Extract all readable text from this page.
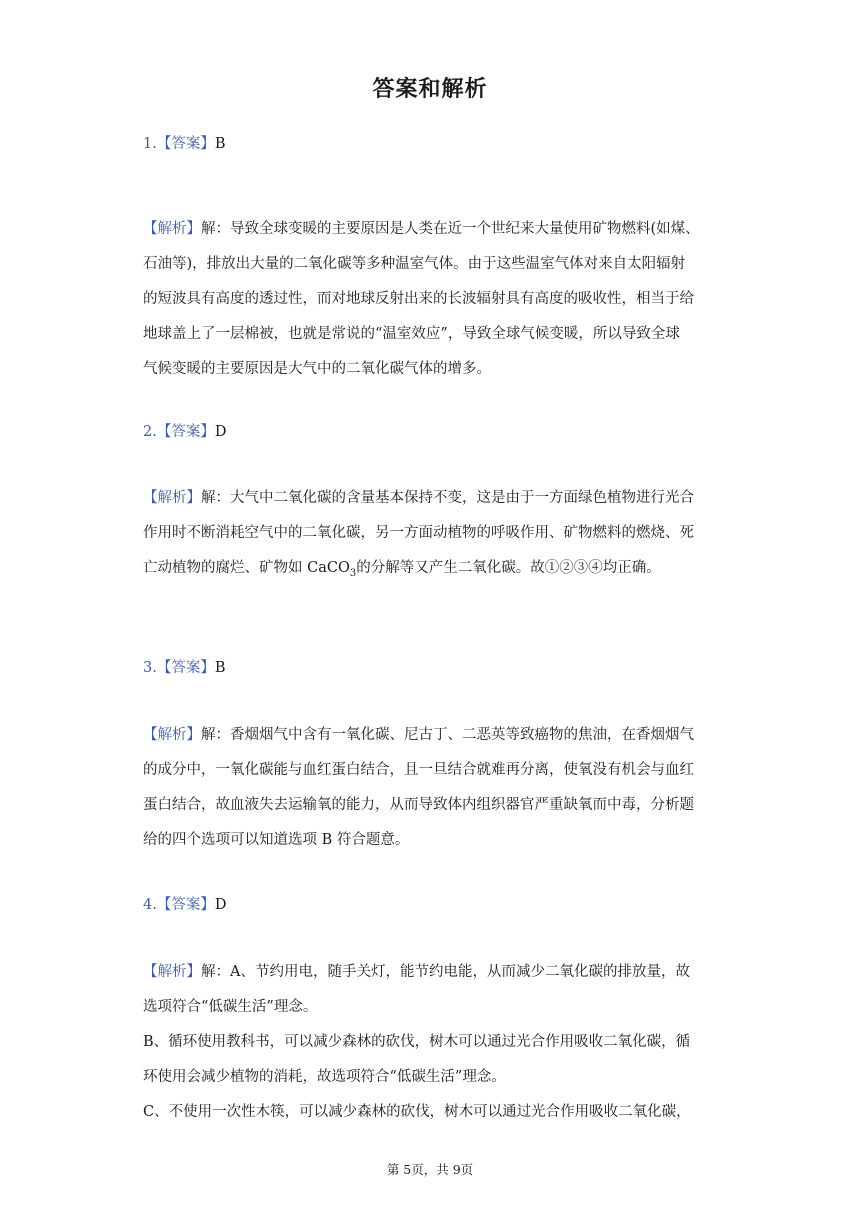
答案和解析
1.【答案】B
【解析】解：导致全球变暖的主要原因是人类在近一个世纪来大量使用矿物燃料(如煤、
石油等)，排放出大量的二氧化碳等多种温室气体。由于这些温室气体对来自太阳辐射
的短波具有高度的透过性，而对地球反射出来的长波辐射具有高度的吸收性，相当于给
地球盖上了一层棉被，也就是常说的“温室效应”，导致全球气候变暖，所以导致全球
气候变暖的主要原因是大气中的二氧化碳气体的增多。
2.【答案】D
【解析】解：大气中二氧化碳的含量基本保持不变，这是由于一方面绿色植物进行光合
作用时不断消耗空气中的二氧化碳，另一方面动植物的呼吸作用、矿物燃料的燃烧、死
亡动植物的腐烂、矿物如 CaCO$_3$的分解等又产生二氧化碳。故①②③④均正确。
3.【答案】B
【解析】解：香烟烟气中含有一氧化碳、尼古丁、二恶英等致癌物的焦油，在香烟烟气
的成分中，一氧化碳能与血红蛋白结合，且一旦结合就难再分离，使氧没有机会与血红
蛋白结合，故血液失去运输氧的能力，从而导致体内组织器官严重缺氧而中毒，分析题
给的四个选项可以知道选项 B 符合题意。
4.【答案】D
【解析】解：A、节约用电，随手关灯，能节约电能，从而减少二氧化碳的排放量，故
选项符合“低碳生活”理念。
B、循环使用教科书，可以减少森林的砍伐，树木可以通过光合作用吸收二氧化碳，循
环使用会减少植物的消耗，故选项符合“低碳生活”理念。
C、不使用一次性木筷，可以减少森林的砍伐，树木可以通过光合作用吸收二氧化碳，
第 5页，共 9页
